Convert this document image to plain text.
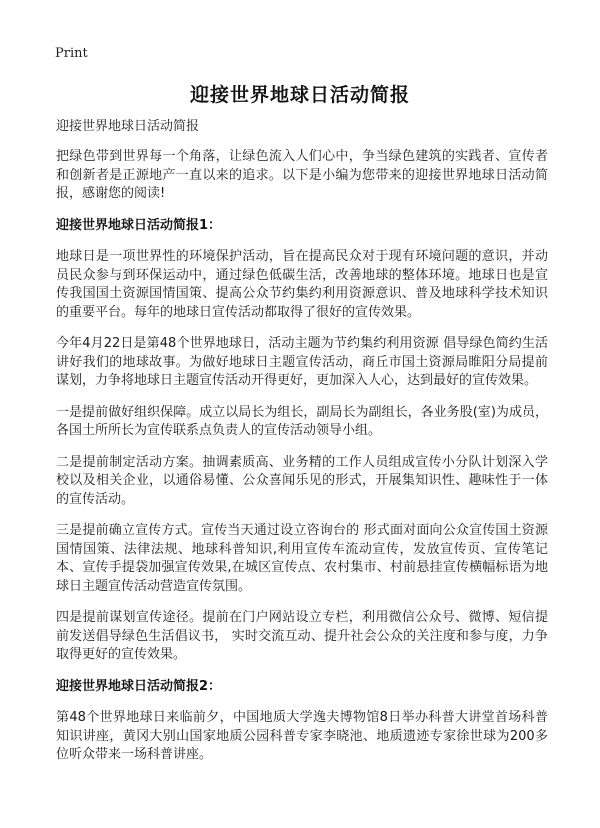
Print
迎接世界地球日活动简报

迎接世界地球日活动简报

把绿色带到世界每一个角落，让绿色流入人们心中，争当绿色建筑的实践者、宣传者和创新者是正源地产一直以来的追求。以下是小编为您带来的迎接世界地球日活动简报，感谢您的阅读!

迎接世界地球日活动简报1：

地球日是一项世界性的环境保护活动，旨在提高民众对于现有环境问题的意识，并动员民众参与到环保运动中，通过绿色低碳生活，改善地球的整体环境。地球日也是宣传我国国土资源国情国策、提高公众节约集约利用资源意识、普及地球科学技术知识的重要平台。每年的地球日宣传活动都取得了很好的宣传效果。

今年4月22日是第48个世界地球日，活动主题为节约集约利用资源 倡导绿色简约生活讲好我们的地球故事。为做好地球日主题宣传活动，商丘市国土资源局睢阳分局提前谋划，力争将地球日主题宣传活动开得更好，更加深入人心，达到最好的宣传效果。

一是提前做好组织保障。成立以局长为组长，副局长为副组长，各业务股(室)为成员，各国土所所长为宣传联系点负责人的宣传活动领导小组。

二是提前制定活动方案。抽调素质高、业务精的工作人员组成宣传小分队计划深入学校以及相关企业，以通俗易懂、公众喜闻乐见的形式，开展集知识性、趣味性于一体的宣传活动。

三是提前确立宣传方式。宣传当天通过设立咨询台的 形式面对面向公众宣传国土资源国情国策、法律法规、地球科普知识,利用宣传车流动宣传，发放宣传页、宣传笔记本、宣传手提袋加强宣传效果,在城区宣传点、农村集市、村前悬挂宣传横幅标语为地球日主题宣传活动营造宣传氛围。

四是提前谋划宣传途径。提前在门户网站设立专栏，利用微信公众号、微博、短信提前发送倡导绿色生活倡议书， 实时交流互动、提升社会公众的关注度和参与度，力争取得更好的宣传效果。

迎接世界地球日活动简报2：

第48个世界地球日来临前夕，中国地质大学逸夫博物馆8日举办科普大讲堂首场科普知识讲座，黄冈大别山国家地质公园科普专家李晓池、地质遗迹专家徐世球为200多位听众带来一场科普讲座。
